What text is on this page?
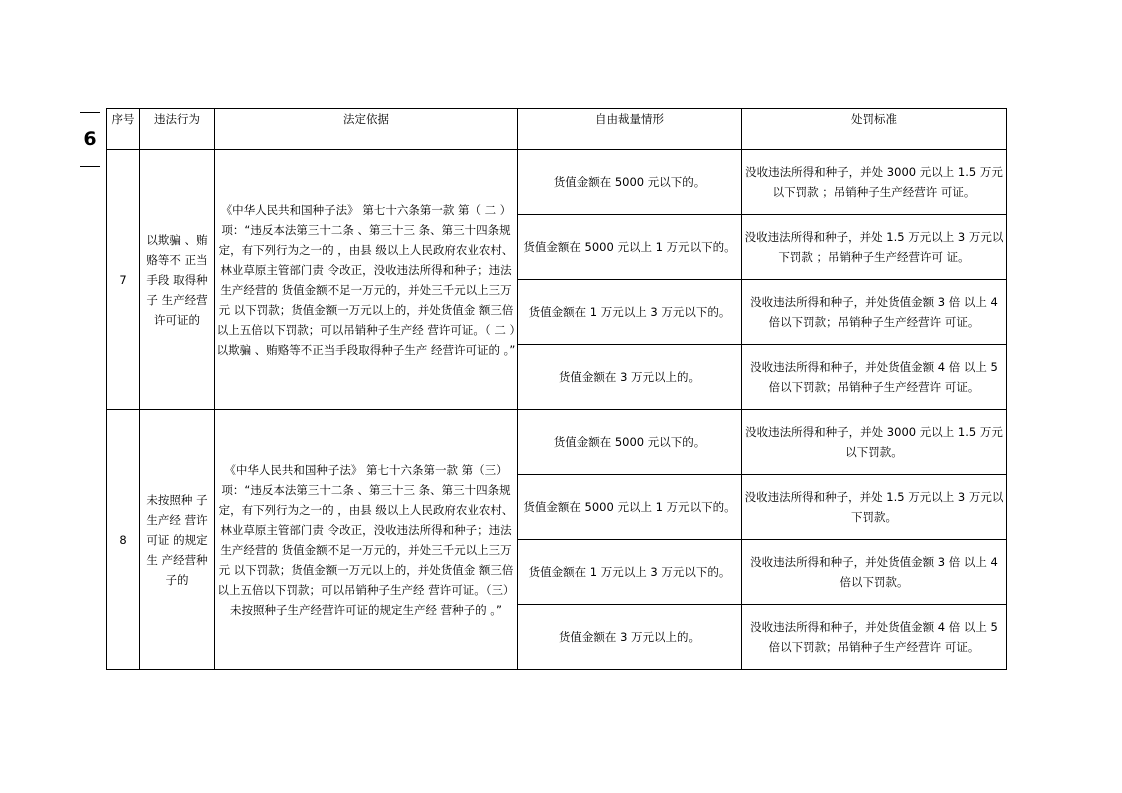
6
序号	违法行为	法定依据	自由裁量情形	处罚标准
7	以欺骗 、贿赂等不 正当手段 取得种子 生产经营许可证的	《中华人民共和国种子法》 第七十六条第一款 第（ 二 ）项：“违反本法第三十二条 、第三十三 条、第三十四条规定，有下列行为之一的 ，由县 级以上人民政府农业农村、林业草原主管部门责 令改正，没收违法所得和种子；违法生产经营的 货值金额不足一万元的，并处三千元以上三万元 以下罚款；货值金额一万元以上的，并处货值金 额三倍以上五倍以下罚款；可以吊销种子生产经 营许可证。（ 二 ）以欺骗 、贿赂等不正当手段取得种子生产 经营许可证的 。”	货值金额在 5000 元以下的。	没收违法所得和种子，并处 3000 元以上 1.5 万元以下罚款 ；吊销种子生产经营许 可证。
			货值金额在 5000 元以上 1 万元以下的。	没收违法所得和种子，并处 1.5 万元以上 3 万元以下罚款 ；吊销种子生产经营许可 证。
			货值金额在 1 万元以上 3 万元以下的。	没收违法所得和种子，并处货值金额 3 倍 以上 4 倍以下罚款；吊销种子生产经营许 可证。
			货值金额在 3 万元以上的。	没收违法所得和种子，并处货值金额 4 倍 以上 5 倍以下罚款；吊销种子生产经营许 可证。
8	未按照种 子生产经 营许可证 的规定生 产经营种子的	《中华人民共和国种子法》 第七十六条第一款 第（三）项：“违反本法第三十二条 、第三十三 条、第三十四条规定，有下列行为之一的 ，由县 级以上人民政府农业农村、林业草原主管部门责 令改正，没收违法所得和种子；违法生产经营的 货值金额不足一万元的，并处三千元以上三万元 以下罚款；货值金额一万元以上的，并处货值金 额三倍以上五倍以下罚款；可以吊销种子生产经 营许可证。（三）未按照种子生产经营许可证的规定生产经 营种子的 。”	货值金额在 5000 元以下的。	没收违法所得和种子，并处 3000 元以上 1.5 万元以下罚款。
			货值金额在 5000 元以上 1 万元以下的。	没收违法所得和种子，并处 1.5 万元以上 3 万元以下罚款。
			货值金额在 1 万元以上 3 万元以下的。	没收违法所得和种子，并处货值金额 3 倍 以上 4 倍以下罚款。
			货值金额在 3 万元以上的。	没收违法所得和种子，并处货值金额 4 倍 以上 5 倍以下罚款；吊销种子生产经营许 可证。
